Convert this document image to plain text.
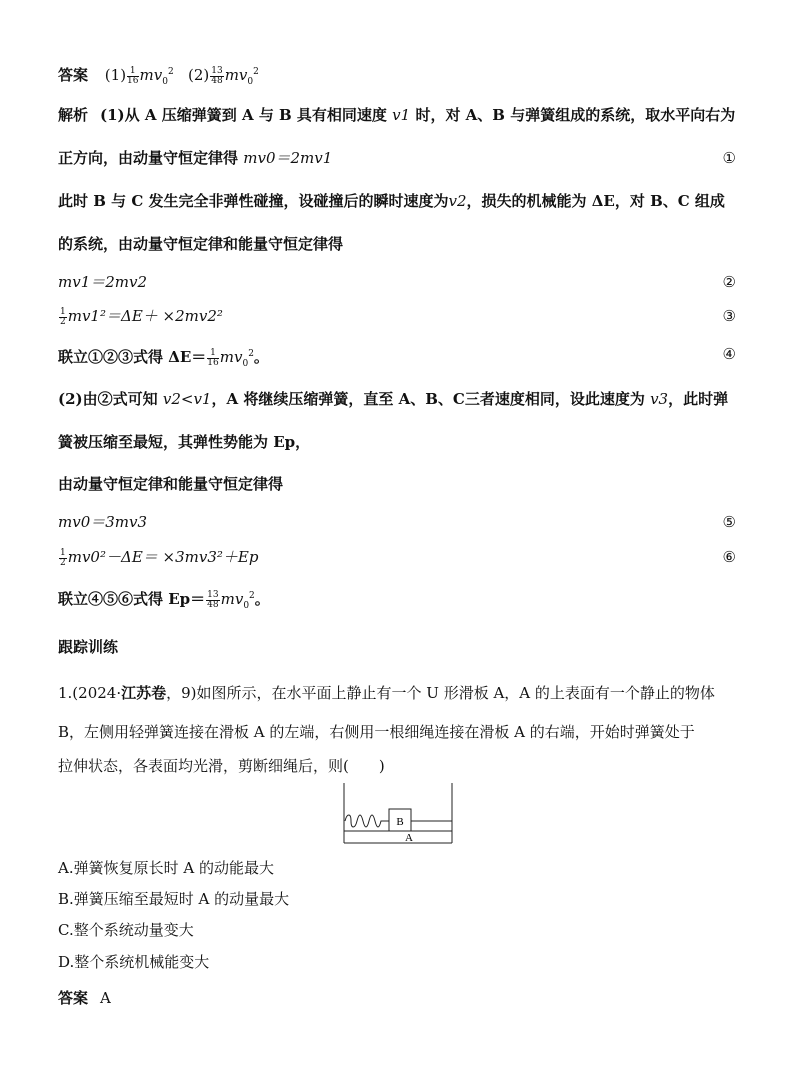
答案 $(1) \frac{1}{16} mv_0^2$ $(2) \frac{13}{48} mv_0^2$
解析 (1)从 A 压缩弹簧到 A 与 B 具有相同速度 v1 时，对 A、B 与弹簧组成的系统，取水平向右为
正方向，由动量守恒定律得 mv0＝2mv1	①
此时 B 与 C 发生完全非弹性碰撞，设碰撞后的瞬时速度为v2，损失的机械能为 ΔE，对 B、C 组成
的系统，由动量守恒定律和能量守恒定律得
mv1＝2mv2	②
$\frac{1}{2} mv1^2=\Delta E+ \times 2mv2^2$	③
联立①②③式得 $\Delta E= \frac{1}{16} mv_0^2$。	④
(2)由②式可知 v2<v1，A 将继续压缩弹簧，直至 A、B、C三者速度相同，设此速度为 v3，此时弹
簧被压缩至最短，其弹性势能为 Ep，
由动量守恒定律和能量守恒定律得
mv0＝3mv3	⑤
$\frac{1}{2} mv0^2-\Delta E= \times 3mv3^2+Ep$	⑥
联立④⑤⑥式得 $Ep= \frac{13}{48} mv_0^2$。
跟踪训练
1.(2024·江苏卷，9)如图所示，在水平面上静止有一个 U 形滑板 A，A 的上表面有一个静止的物体
B，左侧用轻弹簧连接在滑板 A 的左端，右侧用一根细绳连接在滑板 A 的右端，开始时弹簧处于
拉伸状态，各表面均光滑，剪断细绳后，则(　　)
B
A
A.弹簧恢复原长时 A 的动能最大
B.弹簧压缩至最短时 A 的动量最大
C.整个系统动量变大
D.整个系统机械能变大
答案 A
